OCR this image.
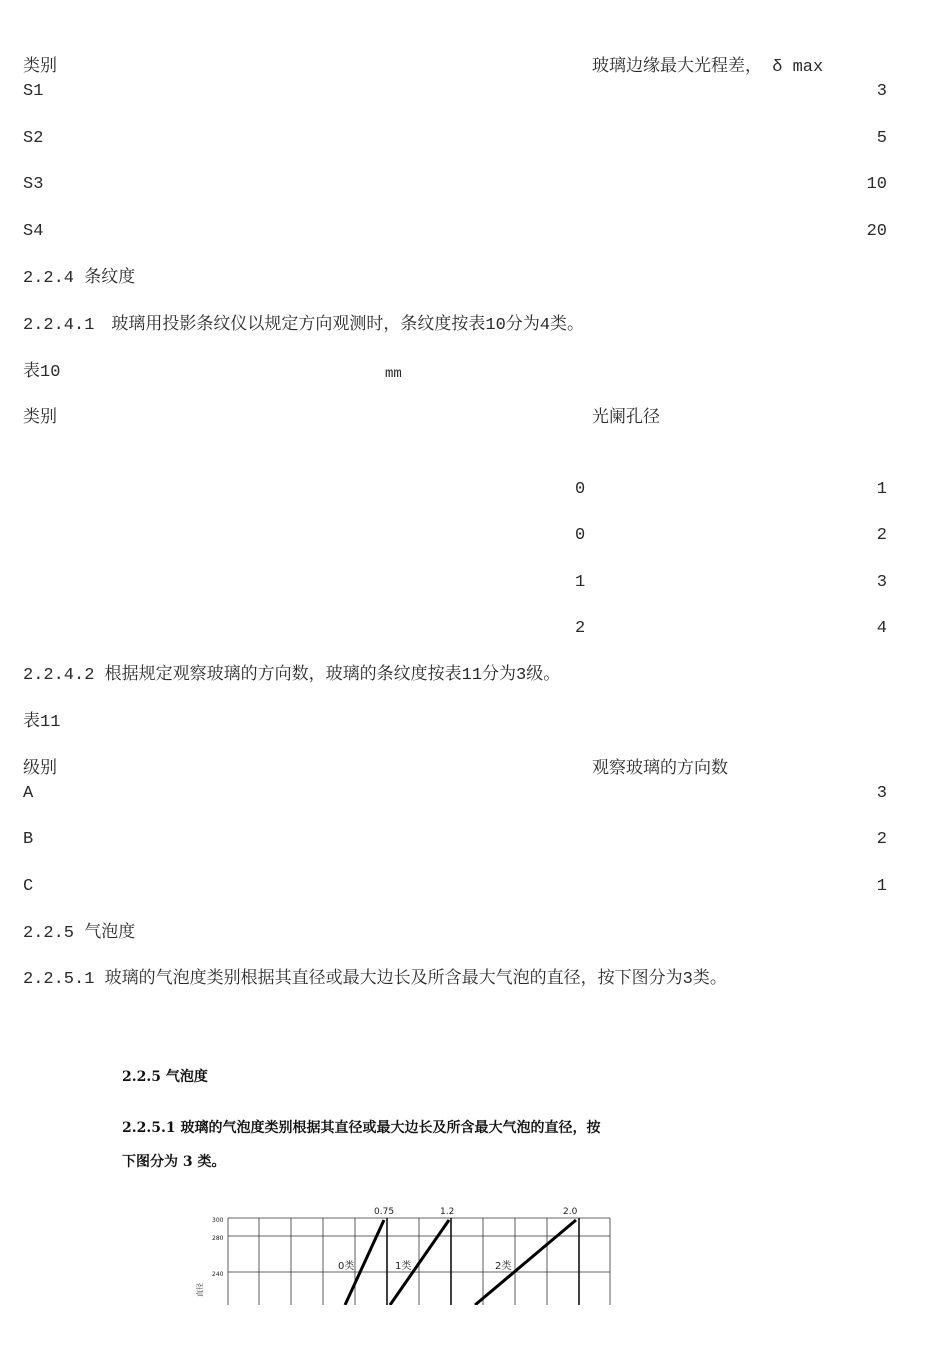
类别	玻璃边缘最大光程差， δ max
S1	3
S2	5
S3	10
S4	20
2.2.4 条纹度
2.2.4.1　玻璃用投影条纹仪以规定方向观测时，条纹度按表10分为4类。
表10	mm
类别	光阑孔径
0	1
0	2
1	3
2	4
2.2.4.2 根据规定观察玻璃的方向数，玻璃的条纹度按表11分为3级。
表11
级别	观察玻璃的方向数
A	3
B	2
C	1
2.2.5 气泡度
2.2.5.1 玻璃的气泡度类别根据其直径或最大边长及所含最大气泡的直径，按下图分为3类。
2.2.5 气泡度
2.2.5.1 玻璃的气泡度类别根据其直径或最大边长及所含最大气泡的直径，按
下图分为 3 类。
0.75	1.2	2.0
300
280
240
直径
0类	1类	2类
